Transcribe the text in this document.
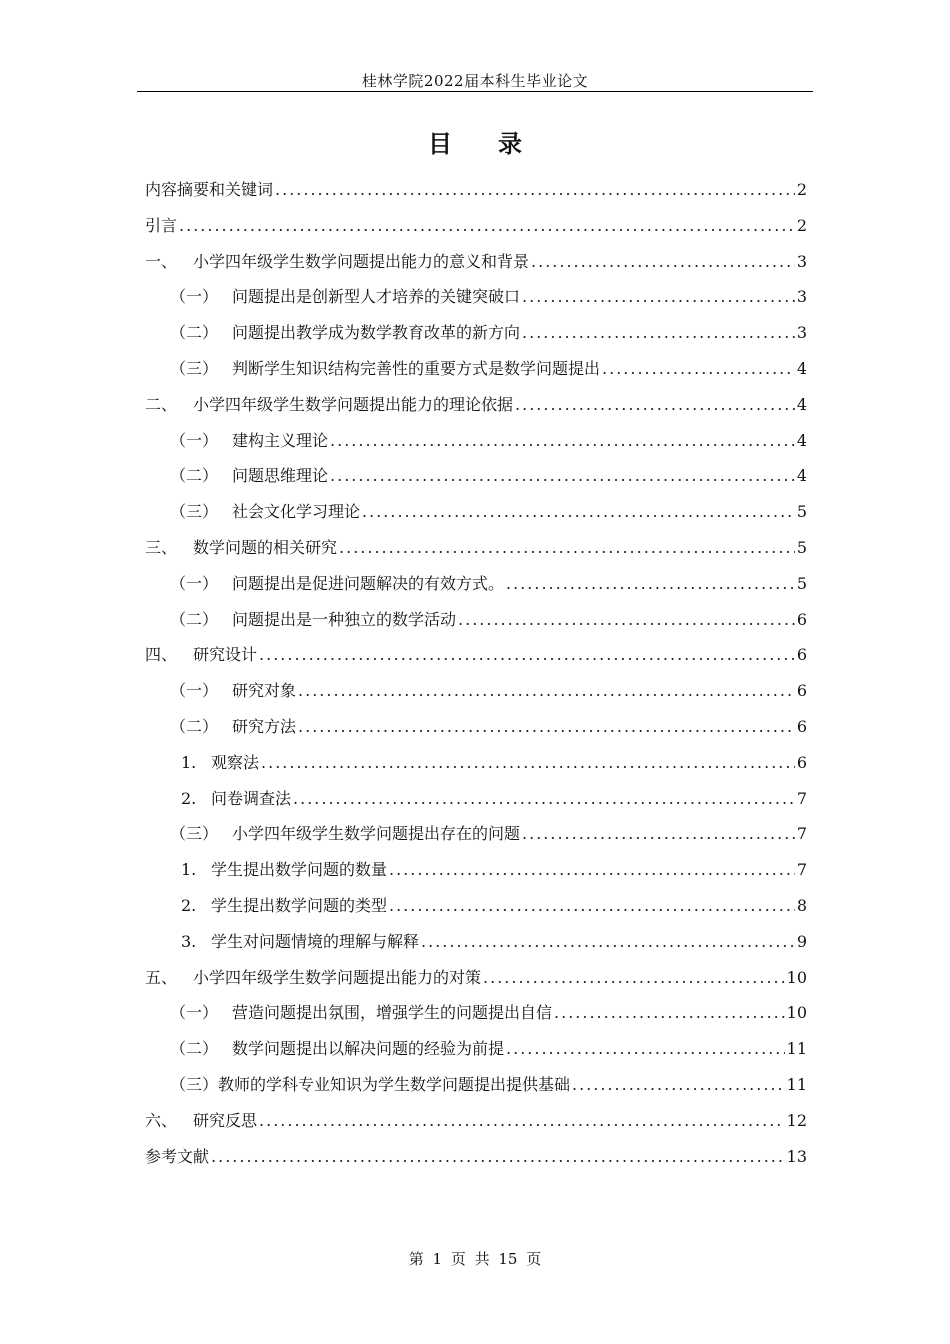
桂林学院2022届本科生毕业论文
目 录
内容摘要和关键词 .....	2
引言 .....	2
一、 小学四年级学生数学问题提出能力的意义和背景 .....	3
（一） 问题提出是创新型人才培养的关键突破口 .....	3
（二） 问题提出教学成为数学教育改革的新方向 .....	3
（三） 判断学生知识结构完善性的重要方式是数学问题提出 .....	4
二、 小学四年级学生数学问题提出能力的理论依据 .....	4
（一） 建构主义理论 .....	4
（二） 问题思维理论 .....	4
（三） 社会文化学习理论 .....	5
三、 数学问题的相关研究 .....	5
（一） 问题提出是促进问题解决的有效方式。 .....	5
（二） 问题提出是一种独立的数学活动 .....	6
四、 研究设计 .....	6
（一） 研究对象 .....	6
（二） 研究方法 .....	6
1. 观察法 .....	6
2. 问卷调查法 .....	7
（三） 小学四年级学生数学问题提出存在的问题 .....	7
1. 学生提出数学问题的数量 .....	7
2. 学生提出数学问题的类型 .....	8
3. 学生对问题情境的理解与解释 .....	9
五、 小学四年级学生数学问题提出能力的对策 .....	10
（一） 营造问题提出氛围，增强学生的问题提出自信 .....	10
（二） 数学问题提出以解决问题的经验为前提 .....	11
（三）教师的学科专业知识为学生数学问题提出提供基础 .....	11
六、 研究反思 .....	12
参考文献 .....	13
第 1 页 共 15 页
